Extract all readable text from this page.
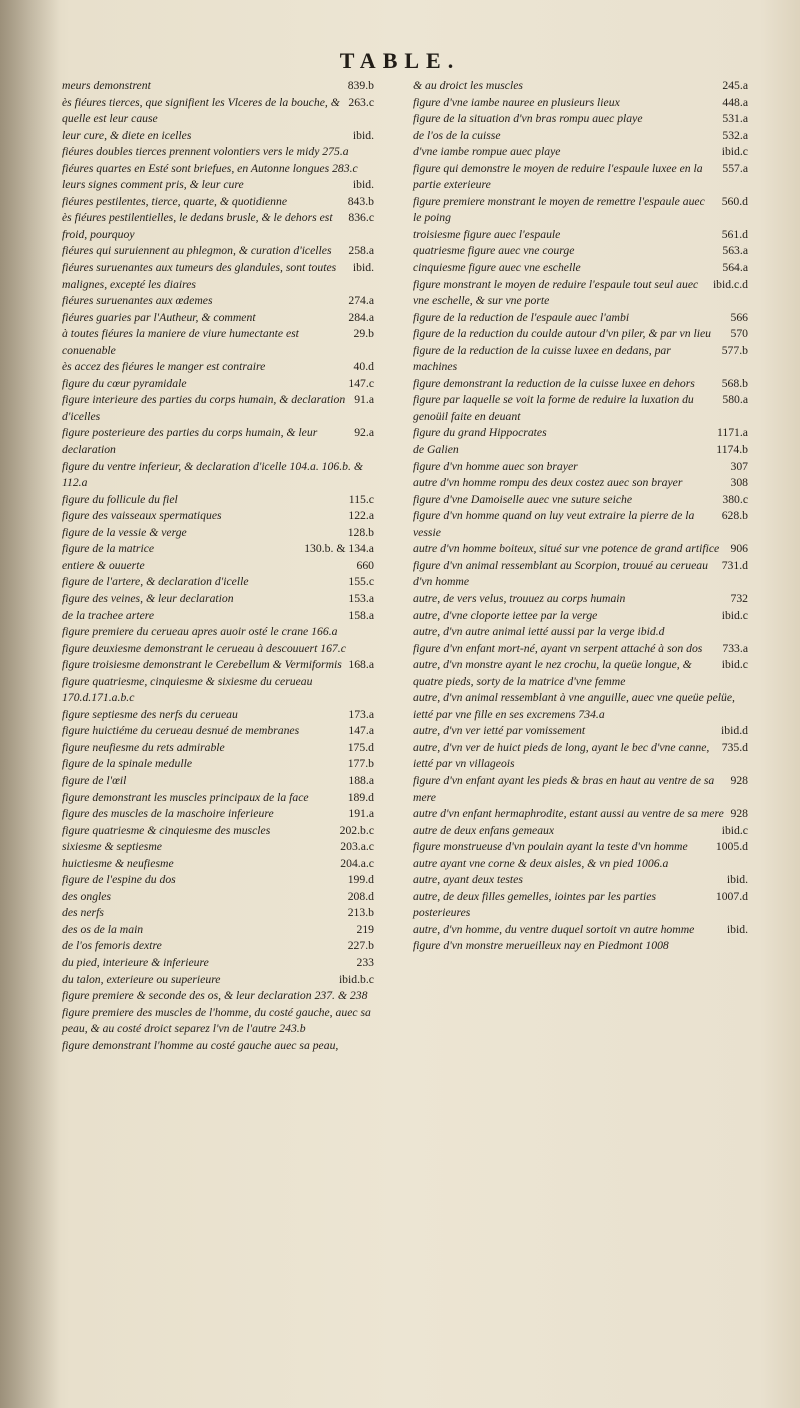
TABLE.
839.b
meurs demonstrent
263.c
ès fiéures tierces, que signifient les Vlceres de la bouche, & quelle est leur cause
ibid.
leur cure, & diete en icelles
fiéures doubles tierces prennent volontiers vers le midy 275.a
fiéures quartes en Esté sont briefues, en Autonne longues 283.c
ibid.
leurs signes comment pris, & leur cure
843.b
fiéures pestilentes, tierce, quarte, & quotidienne
836.c
ès fiéures pestilentielles, le dedans brusle, & le dehors est froid, pourquoy
258.a
fiéures qui suruiennent au phlegmon, & curation d'icelles
ibid.
fiéures suruenantes aux tumeurs des glandules, sont toutes malignes, excepté les diaires
274.a
fiéures suruenantes aux œdemes
284.a
fiéures guaries par l'Autheur, & comment
29.b
à toutes fiéures la maniere de viure humectante est conuenable
40.d
ès accez des fiéures le manger est contraire
147.c
figure du cœur pyramidale
91.a
figure interieure des parties du corps humain, & declaration d'icelles
92.a
figure posterieure des parties du corps humain, & leur declaration
figure du ventre inferieur, & declaration d'icelle 104.a. 106.b. & 112.a
115.c
figure du follicule du fiel
122.a
figure des vaisseaux spermatiques
128.b
figure de la vessie & verge
130.b. & 134.a
figure de la matrice
660
entiere & ouuerte
155.c
figure de l'artere, & declaration d'icelle
153.a
figure des veines, & leur declaration
158.a
de la trachee artere
figure premiere du cerueau apres auoir osté le crane 166.a
figure deuxiesme demonstrant le cerueau à descouuert 167.c
168.a
figure troisiesme demonstrant le Cerebellum & Vermiformis
figure quatriesme, cinquiesme & sixiesme du cerueau 170.d.171.a.b.c
173.a
figure septiesme des nerfs du cerueau
147.a
figure huictiéme du cerueau desnué de membranes
175.d
figure neufiesme du rets admirable
177.b
figure de la spinale medulle
188.a
figure de l'œil
189.d
figure demonstrant les muscles principaux de la face
191.a
figure des muscles de la maschoire inferieure
202.b.c
figure quatriesme & cinquiesme des muscles
203.a.c
sixiesme & septiesme
204.a.c
huictiesme & neufiesme
199.d
figure de l'espine du dos
208.d
des ongles
213.b
des nerfs
219
des os de la main
227.b
de l'os femoris dextre
233
du pied, interieure & inferieure
ibid.b.c
du talon, exterieure ou superieure
figure premiere & seconde des os, & leur declaration 237. & 238
figure premiere des muscles de l'homme, du costé gauche, auec sa peau, & au costé droict separez l'vn de l'autre 243.b
figure demonstrant l'homme au costé gauche auec sa peau,
245.a
& au droict les muscles
448.a
figure d'vne iambe nauree en plusieurs lieux
531.a
figure de la situation d'vn bras rompu auec playe
532.a
de l'os de la cuisse
ibid.c
d'vne iambe rompue auec playe
557.a
figure qui demonstre le moyen de reduire l'espaule luxee en la partie exterieure
560.d
figure premiere monstrant le moyen de remettre l'espaule auec le poing
561.d
troisiesme figure auec l'espaule
563.a
quatriesme figure auec vne courge
564.a
cinquiesme figure auec vne eschelle
ibid.c.d
figure monstrant le moyen de reduire l'espaule tout seul auec vne eschelle, & sur vne porte
566
figure de la reduction de l'espaule auec l'ambi
570
figure de la reduction du coulde autour d'vn piler, & par vn lieu
577.b
figure de la reduction de la cuisse luxee en dedans, par machines
568.b
figure demonstrant la reduction de la cuisse luxee en dehors
580.a
figure par laquelle se voit la forme de reduire la luxation du genoüil faite en deuant
1171.a
figure du grand Hippocrates
1174.b
de Galien
307
figure d'vn homme auec son brayer
308
autre d'vn homme rompu des deux costez auec son brayer
380.c
figure d'vne Damoiselle auec vne suture seiche
628.b
figure d'vn homme quand on luy veut extraire la pierre de la vessie
906
autre d'vn homme boiteux, situé sur vne potence de grand artifice
731.d
figure d'vn animal ressemblant au Scorpion, trouué au cerueau d'vn homme
732
autre, de vers velus, trouuez au corps humain
ibid.c
autre, d'vne cloporte iettee par la verge
autre, d'vn autre animal ietté aussi par la verge ibid.d
733.a
figure d'vn enfant mort-né, ayant vn serpent attaché à son dos
ibid.c
autre, d'vn monstre ayant le nez crochu, la queüe longue, & quatre pieds, sorty de la matrice d'vne femme
autre, d'vn animal ressemblant à vne anguille, auec vne queüe pelüe, ietté par vne fille en ses excremens 734.a
ibid.d
autre, d'vn ver ietté par vomissement
735.d
autre, d'vn ver de huict pieds de long, ayant le bec d'vne canne, ietté par vn villageois
928
figure d'vn enfant ayant les pieds & bras en haut au ventre de sa mere
928
autre d'vn enfant hermaphrodite, estant aussi au ventre de sa mere
ibid.c
autre de deux enfans gemeaux
1005.d
figure monstrueuse d'vn poulain ayant la teste d'vn homme
autre ayant vne corne & deux aisles, & vn pied 1006.a
ibid.
autre, ayant deux testes
1007.d
autre, de deux filles gemelles, iointes par les parties posterieures
ibid.
autre, d'vn homme, du ventre duquel sortoit vn autre homme
figure d'vn monstre merueilleux nay en Piedmont 1008
